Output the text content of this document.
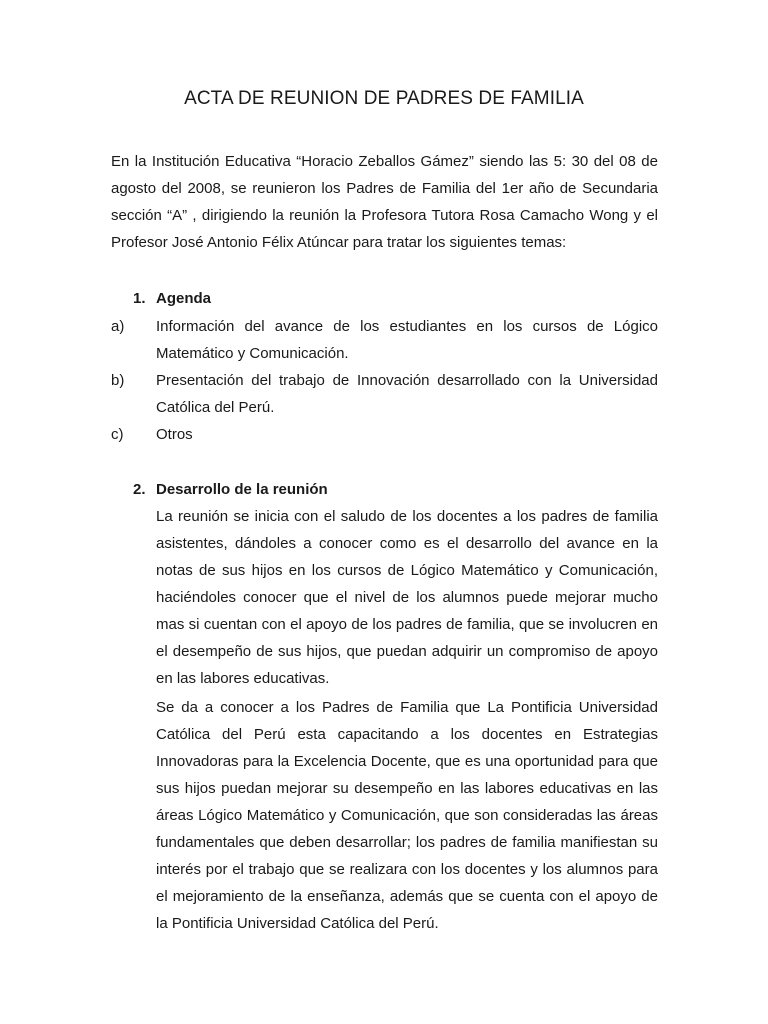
ACTA DE REUNION DE PADRES DE FAMILIA
En la Institución Educativa “Horacio Zeballos Gámez” siendo las 5: 30 del 08 de agosto del 2008, se reunieron los Padres de Familia del 1er año de Secundaria sección “A” , dirigiendo la reunión la Profesora Tutora Rosa Camacho Wong y el Profesor José Antonio Félix Atúncar para tratar los siguientes temas:
1. Agenda
a) Información del avance de los estudiantes en los cursos de Lógico Matemático y Comunicación.
b) Presentación del trabajo de Innovación desarrollado con la Universidad Católica del Perú.
c) Otros
2. Desarrollo de la reunión
La reunión se inicia con el saludo de los docentes a los padres de familia asistentes, dándoles a conocer como es el desarrollo del avance en la notas de sus hijos en los cursos de Lógico Matemático y Comunicación, haciéndoles conocer que el nivel de los alumnos puede mejorar mucho mas si cuentan con el apoyo de los padres de familia, que se involucren en el desempeño de sus hijos, que puedan adquirir un compromiso de apoyo en las labores educativas.
Se da a conocer a los Padres de Familia que La Pontificia Universidad Católica del Perú esta capacitando a los docentes en Estrategias Innovadoras para la Excelencia Docente, que es una oportunidad para que sus hijos puedan mejorar su desempeño en las labores educativas en las áreas Lógico Matemático y Comunicación, que son consideradas las áreas fundamentales que deben desarrollar; los padres de familia manifiestan su interés por el trabajo que se realizara con los docentes y los alumnos para el mejoramiento de la enseñanza, además que se cuenta con el apoyo de la Pontificia Universidad Católica del Perú.
